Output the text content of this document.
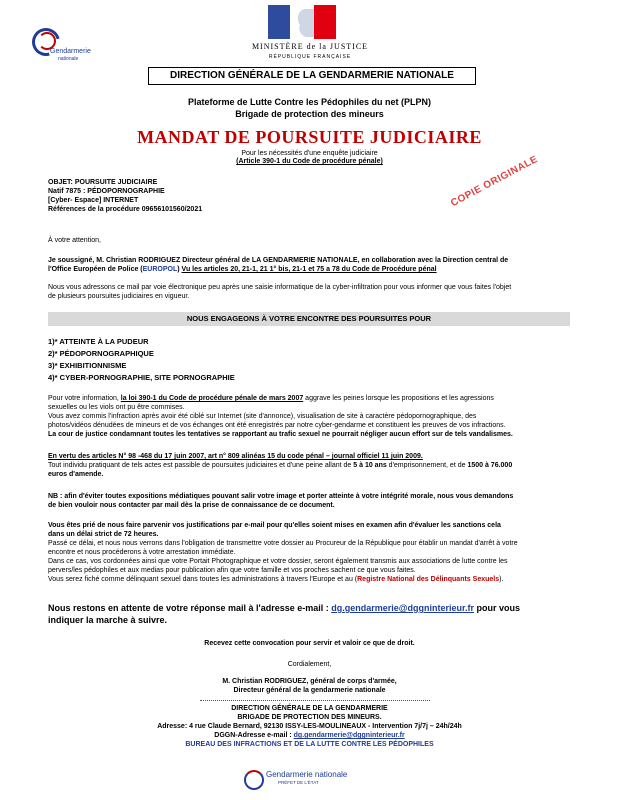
Gendarmerie
nationale
MINISTÈRE de la JUSTICE
RÉPUBLIQUE FRANÇAISE
DIRECTION GÉNÉRALE DE LA GENDARMERIE NATIONALE
Plateforme de Lutte Contre les Pédophiles du net (PLPN)
Brigade de protection des mineurs
MANDAT DE POURSUITE JUDICIAIRE
Pour les nécessités d'une enquête judiciaire
(Article 390-1 du Code de procédure pénale)	COPIE ORIGINALE
OBJET: POURSUITE JUDICIAIRE
Natif 7875 : PÉDOPORNOGRAPHIE
[Cyber- Espace] INTERNET
Références de la procédure 09656101560/2021
À votre attention,
Je soussigné, M. Christian RODRIGUEZ Directeur général de LA GENDARMERIE NATIONALE, en collaboration avec la Direction central de
l'Office Européen de Police (EUROPOL) Vu les articles 20, 21-1, 21 1° bis, 21-1 et 75 a 78 du Code de Procédure pénal
Nous vous adressons ce mail par voie électronique peu après une saisie informatique de la cyber-infiltration pour vous informer que vous faites l'objet
de plusieurs poursuites judiciaires en vigueur.
NOUS ENGAGEONS À VOTRE ENCONTRE DES POURSUITES POUR
1)* ATTEINTE À LA PUDEUR
2)* PÉDOPORNOGRAPHIQUE
3)* EXHIBITIONNISME
4)* CYBER-PORNOGRAPHIE, SITE PORNOGRAPHIE
Pour votre information, la loi 390-1 du Code de procédure pénale de mars 2007 aggrave les peines lorsque les propositions et les agressions
sexuelles ou les viols ont pu être commises.
Vous avez commis l'infraction après avoir été ciblé sur Internet (site d'annonce), visualisation de site à caractère pédopornographique, des
photos/vidéos dénudées de mineurs et de vos échanges ont été enregistrés par notre cyber-gendarme et constituent les preuves de vos infractions.
La cour de justice condamnant toutes les tentatives se rapportant au trafic sexuel ne pourrait négliger aucun effort sur de tels vandalismes.
En vertu des articles N° 98 -468 du 17 juin 2007, art n° 809 alinéas 15 du code pénal – journal officiel 11 juin 2009.
Tout individu pratiquant de tels actes est passible de poursuites judiciaires et d'une peine allant de 5 à 10 ans d'emprisonnement, et de 1500 à 76.000
euros d'amende.
NB : afin d'éviter toutes expositions médiatiques pouvant salir votre image et porter atteinte à votre intégrité morale, nous vous demandons
de bien vouloir nous contacter par mail dès la prise de connaissance de ce document.
Vous êtes prié de nous faire parvenir vos justifications par e-mail pour qu'elles soient mises en examen afin d'évaluer les sanctions cela
dans un délai strict de 72 heures.
Passé ce délai, et nous nous verrons dans l'obligation de transmettre votre dossier au Procureur de la République pour établir un mandat d'arrêt à votre
encontre et nous procéderons à votre arrestation immédiate.
Dans ce cas, vos cordonnées ainsi que votre Portait Photographique et votre dossier, seront également transmis aux associations de lutte contre les
pervers/les pédophiles et aux medias pour publication afin que votre famille et vos proches sachent ce que vous faites.
Vous serez fiché comme délinquant sexuel dans toutes les administrations à travers l'Europe et au (Registre National des Délinquants Sexuels).
Nous restons en attente de votre réponse mail à l'adresse e-mail : dg.gendarmerie@dggninterieur.fr pour vous
indiquer la marche à suivre.
Recevez cette convocation pour servir et valoir ce que de droit.
Cordialement,
M. Christian RODRIGUEZ, général de corps d'armée,
Directeur général de la gendarmerie nationale
DIRECTION GÉNÉRALE DE LA GENDARMERIE
BRIGADE DE PROTECTION DES MINEURS.
Adresse: 4 rue Claude Bernard, 92130 ISSY-LES-MOULINEAUX - Intervention 7j/7j – 24h/24h
DGGN-Adresse e-mail : dg.gendarmerie@dggninterieur.fr
BUREAU DES INFRACTIONS ET DE LA LUTTE CONTRE LES PÉDOPHILES
Gendarmerie nationale
PRÉFET DE L'ÉTAT
